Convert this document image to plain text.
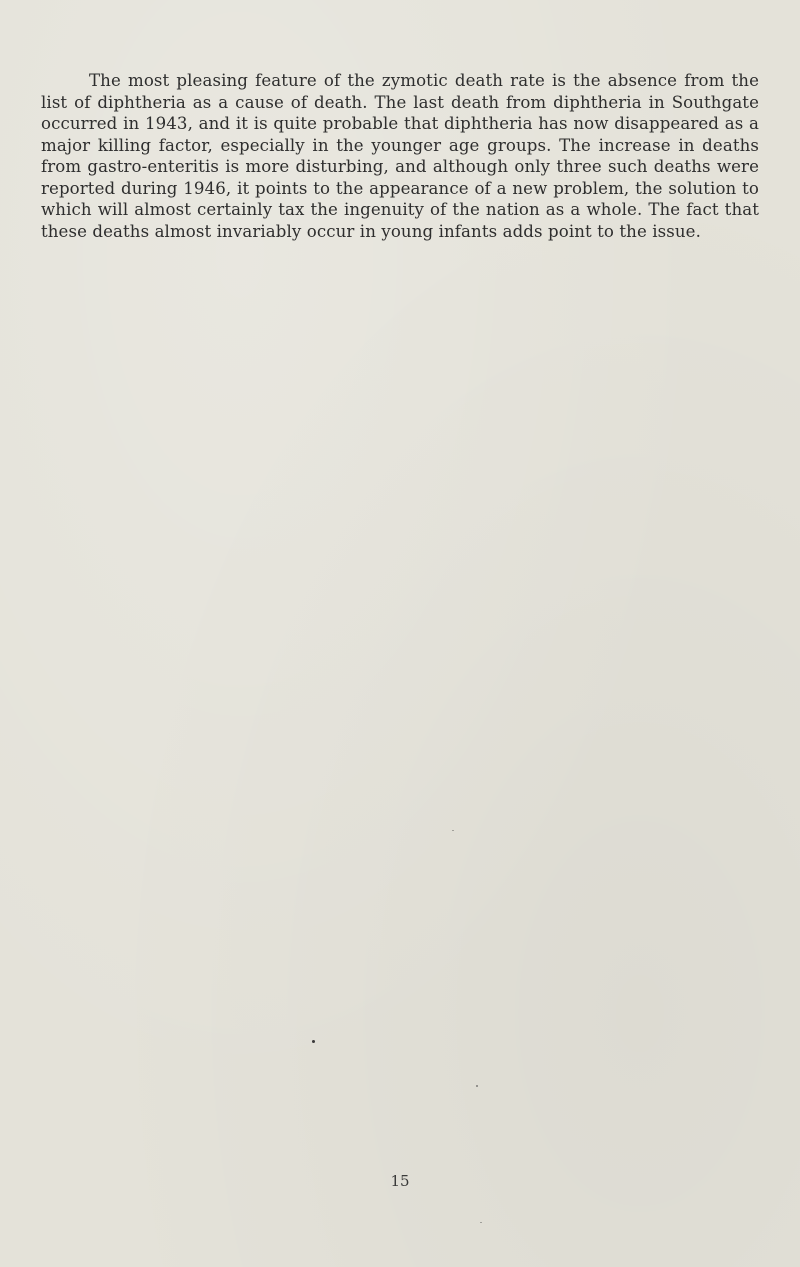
The most pleasing feature of the zymotic death rate is the absence from the list of diphtheria as a cause of death. The last death from diphtheria in Southgate occurred in 1943, and it is quite probable that diphtheria has now disappeared as a major killing factor, especially in the younger age groups. The increase in deaths from gastro-enteritis is more disturbing, and although only three such deaths were reported during 1946, it points to the appearance of a new problem, the solution to which will almost certainly tax the ingenuity of the nation as a whole. The fact that these deaths almost invariably occur in young infants adds point to the issue.

15
